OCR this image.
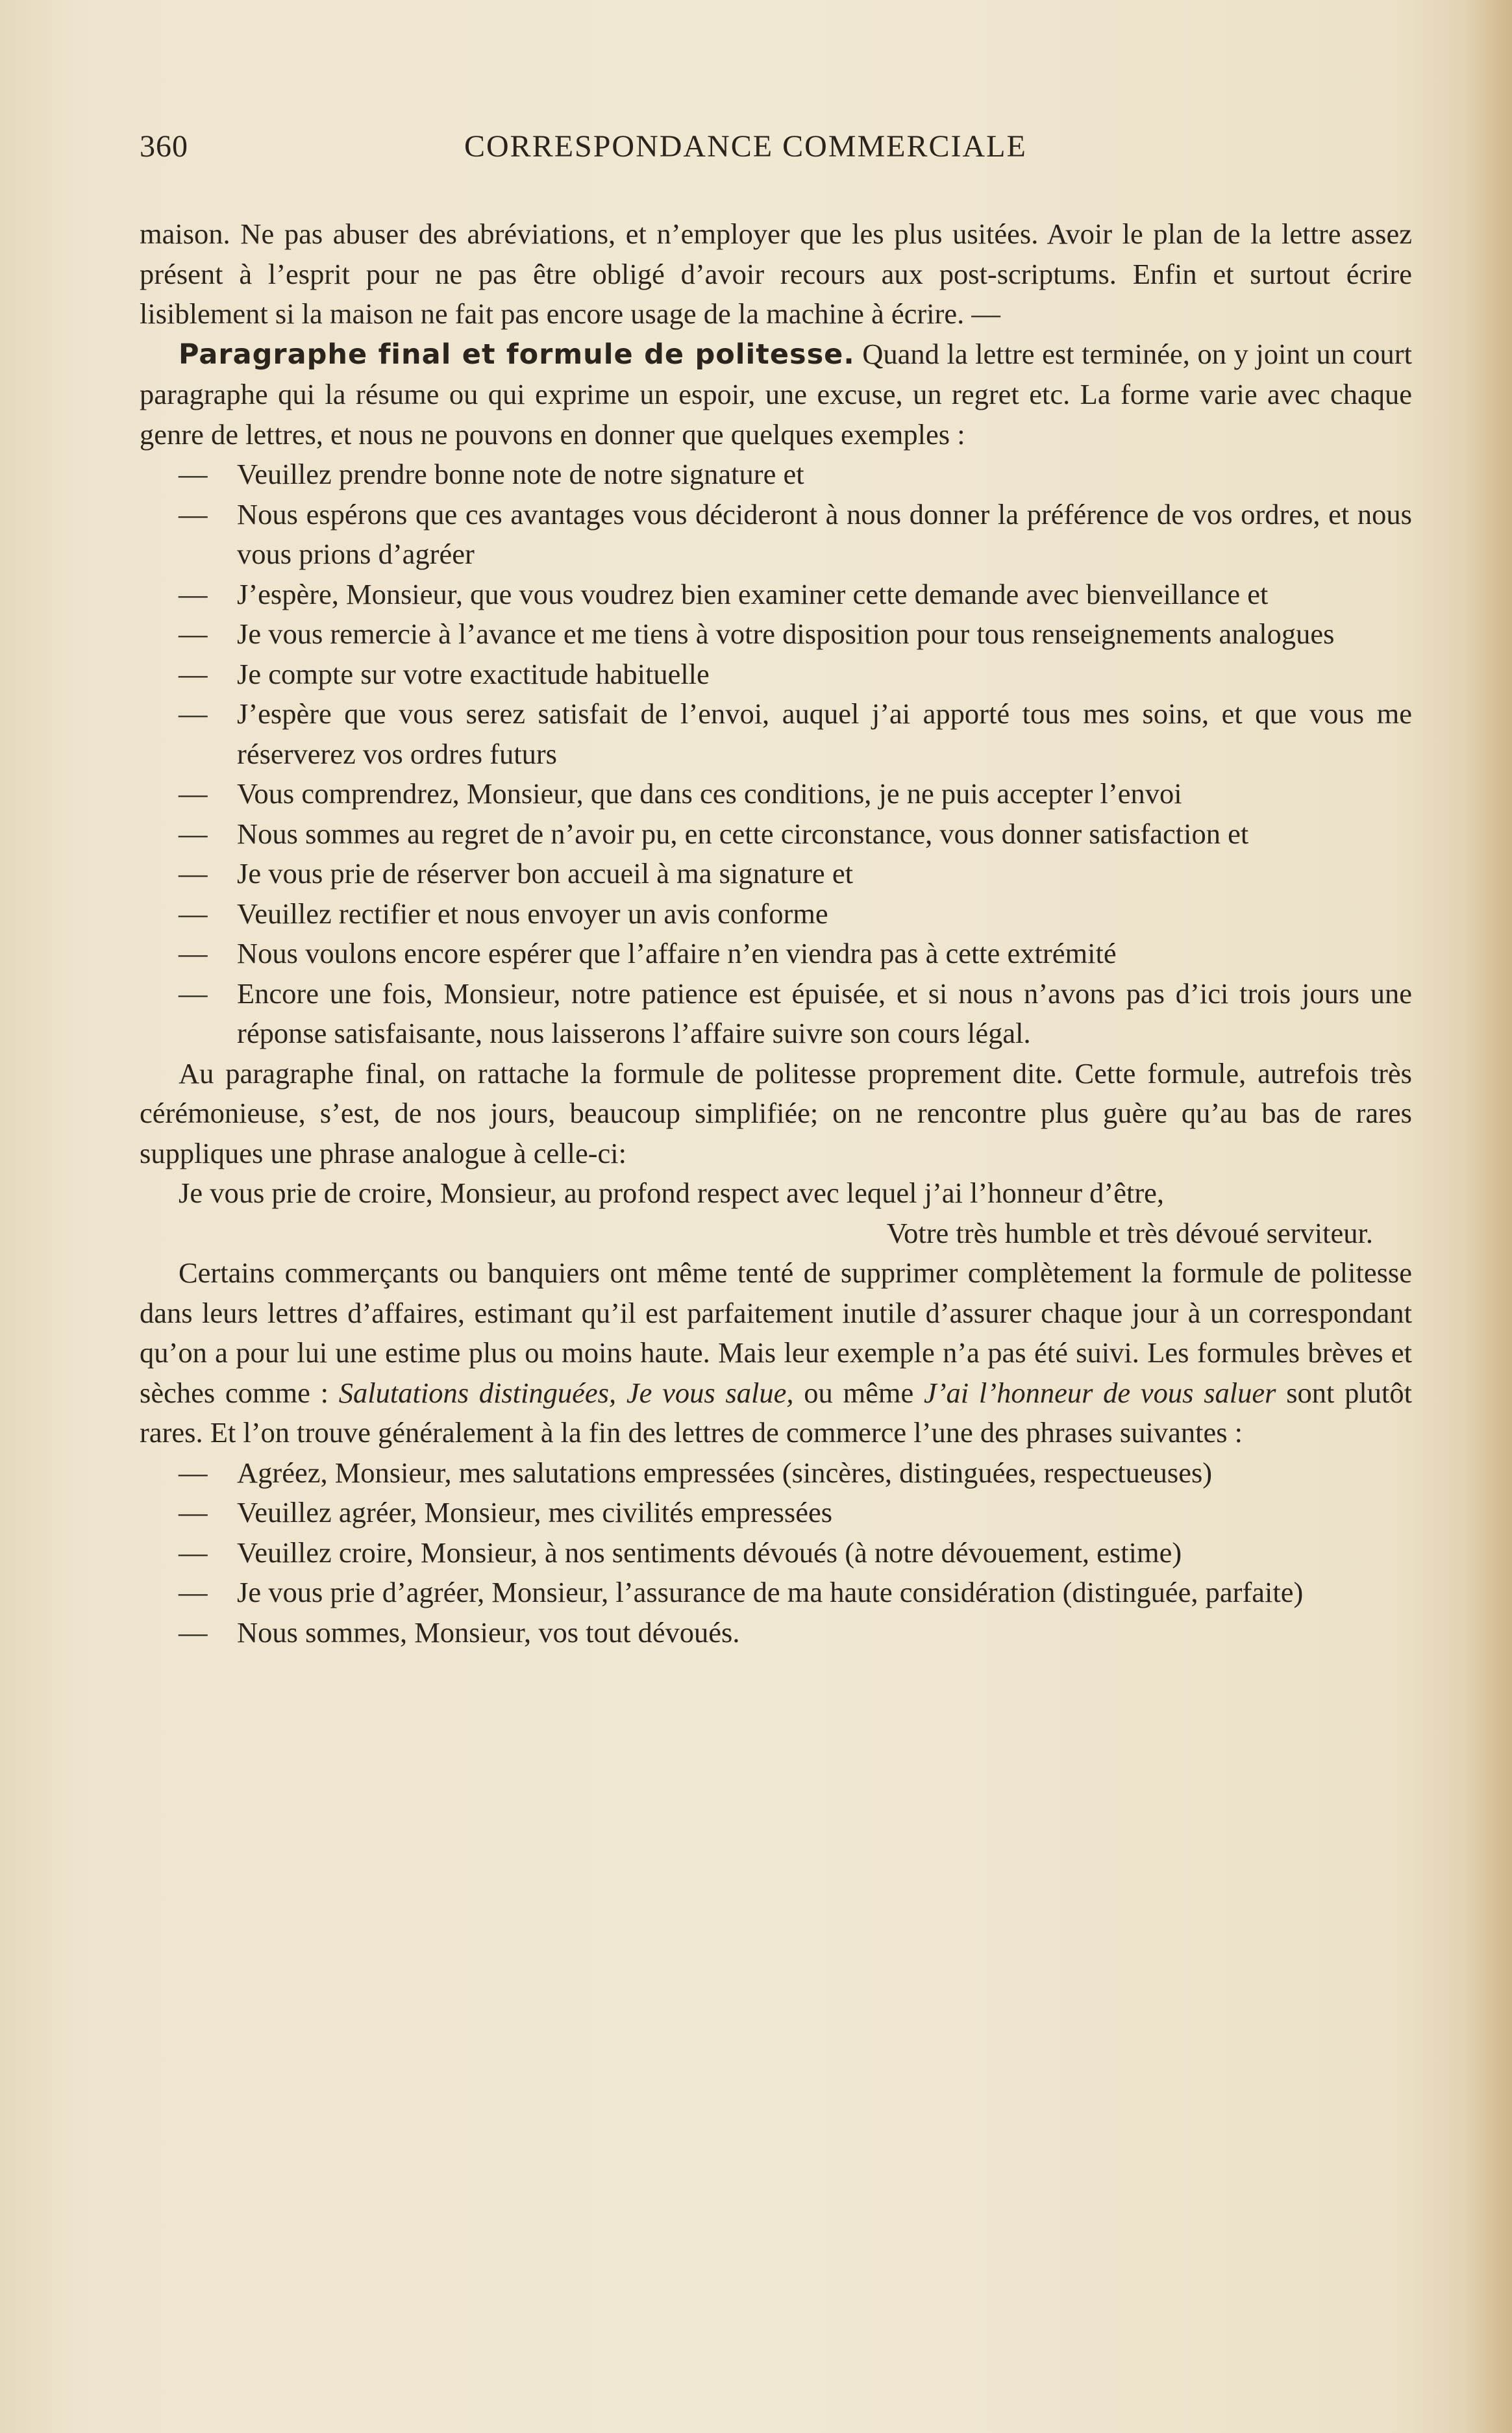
360	CORRESPONDANCE COMMERCIALE

maison. Ne pas abuser des abréviations, et n’employer que les plus usitées. Avoir le plan de la lettre assez présent à l’esprit pour ne pas être obligé d’avoir recours aux post-scriptums. Enfin et surtout écrire lisiblement si la maison ne fait pas encore usage de la machine à écrire. —

Paragraphe final et formule de politesse. Quand la lettre est terminée, on y joint un court paragraphe qui la résume ou qui exprime un espoir, une excuse, un regret etc. La forme varie avec chaque genre de lettres, et nous ne pouvons en donner que quelques exemples :

— Veuillez prendre bonne note de notre signature et
— Nous espérons que ces avantages vous décideront à nous donner la préférence de vos ordres, et nous vous prions d’agréer
— J’espère, Monsieur, que vous voudrez bien examiner cette demande avec bienveillance et
— Je vous remercie à l’avance et me tiens à votre disposition pour tous renseignements analogues
— Je compte sur votre exactitude habituelle
— J’espère que vous serez satisfait de l’envoi, auquel j’ai apporté tous mes soins, et que vous me réserverez vos ordres futurs
— Vous comprendrez, Monsieur, que dans ces conditions, je ne puis accepter l’envoi
— Nous sommes au regret de n’avoir pu, en cette circonstance, vous donner satisfaction et
— Je vous prie de réserver bon accueil à ma signature et
— Veuillez rectifier et nous envoyer un avis conforme
— Nous voulons encore espérer que l’affaire n’en viendra pas à cette extrémité
— Encore une fois, Monsieur, notre patience est épuisée, et si nous n’avons pas d’ici trois jours une réponse satisfaisante, nous laisserons l’affaire suivre son cours légal.

Au paragraphe final, on rattache la formule de politesse proprement dite. Cette formule, autrefois très cérémonieuse, s’est, de nos jours, beaucoup simplifiée; on ne rencontre plus guère qu’au bas de rares suppliques une phrase analogue à celle-ci:

Je vous prie de croire, Monsieur, au profond respect avec lequel j’ai l’honneur d’être,

Votre très humble et très dévoué serviteur.

Certains commerçants ou banquiers ont même tenté de supprimer complètement la formule de politesse dans leurs lettres d’affaires, estimant qu’il est parfaitement inutile d’assurer chaque jour à un correspondant qu’on a pour lui une estime plus ou moins haute. Mais leur exemple n’a pas été suivi. Les formules brèves et sèches comme : Salutations distinguées, Je vous salue, ou même J’ai l’honneur de vous saluer sont plutôt rares. Et l’on trouve généralement à la fin des lettres de commerce l’une des phrases suivantes :

— Agréez, Monsieur, mes salutations empressées (sincères, distinguées, respectueuses)
— Veuillez agréer, Monsieur, mes civilités empressées
— Veuillez croire, Monsieur, à nos sentiments dévoués (à notre dévouement, estime)
— Je vous prie d’agréer, Monsieur, l’assurance de ma haute considération (distinguée, parfaite)
— Nous sommes, Monsieur, vos tout dévoués.
